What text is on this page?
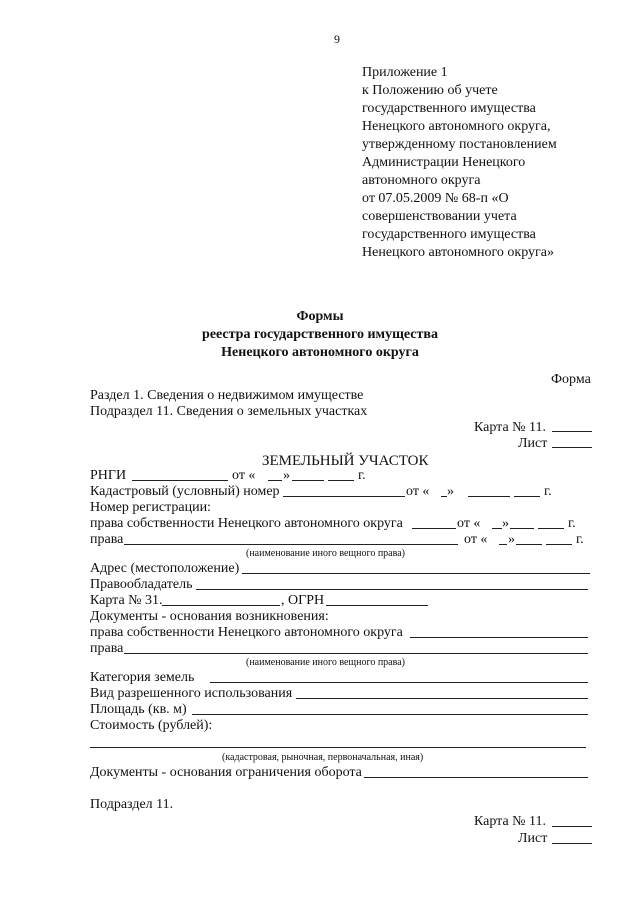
9
Приложение 1
к Положению об учете
государственного имущества
Ненецкого автономного округа,
утвержденному постановлением
Администрации Ненецкого
автономного округа
от 07.05.2009 № 68-п «О
совершенствовании учета
государственного имущества
Ненецкого автономного округа»
Формы
реестра государственного имущества
Ненецкого автономного округа
Форма
Раздел 1. Сведения о недвижимом имуществе
Подраздел 11. Сведения о земельных участках
Карта № 11.
Лист
ЗЕМЕЛЬНЫЙ УЧАСТОК
РНГИ	от « »	г.
Кадастровый (условный) номер	от « »	г.
Номер регистрации:
права собственности Ненецкого автономного округа	от « »	г.
права	от « »	г.
(наименование иного вещного права)
Адрес (местоположение)
Правообладатель
Карта № 31.	, ОГРН
Документы - основания возникновения:
права собственности Ненецкого автономного округа
права
(наименование иного вещного права)
Категория земель
Вид разрешенного использования
Площадь (кв. м)
Стоимость (рублей):
(кадастровая, рыночная, первоначальная, иная)
Документы - основания ограничения оборота
Подраздел 11.
Карта № 11.
Лист
